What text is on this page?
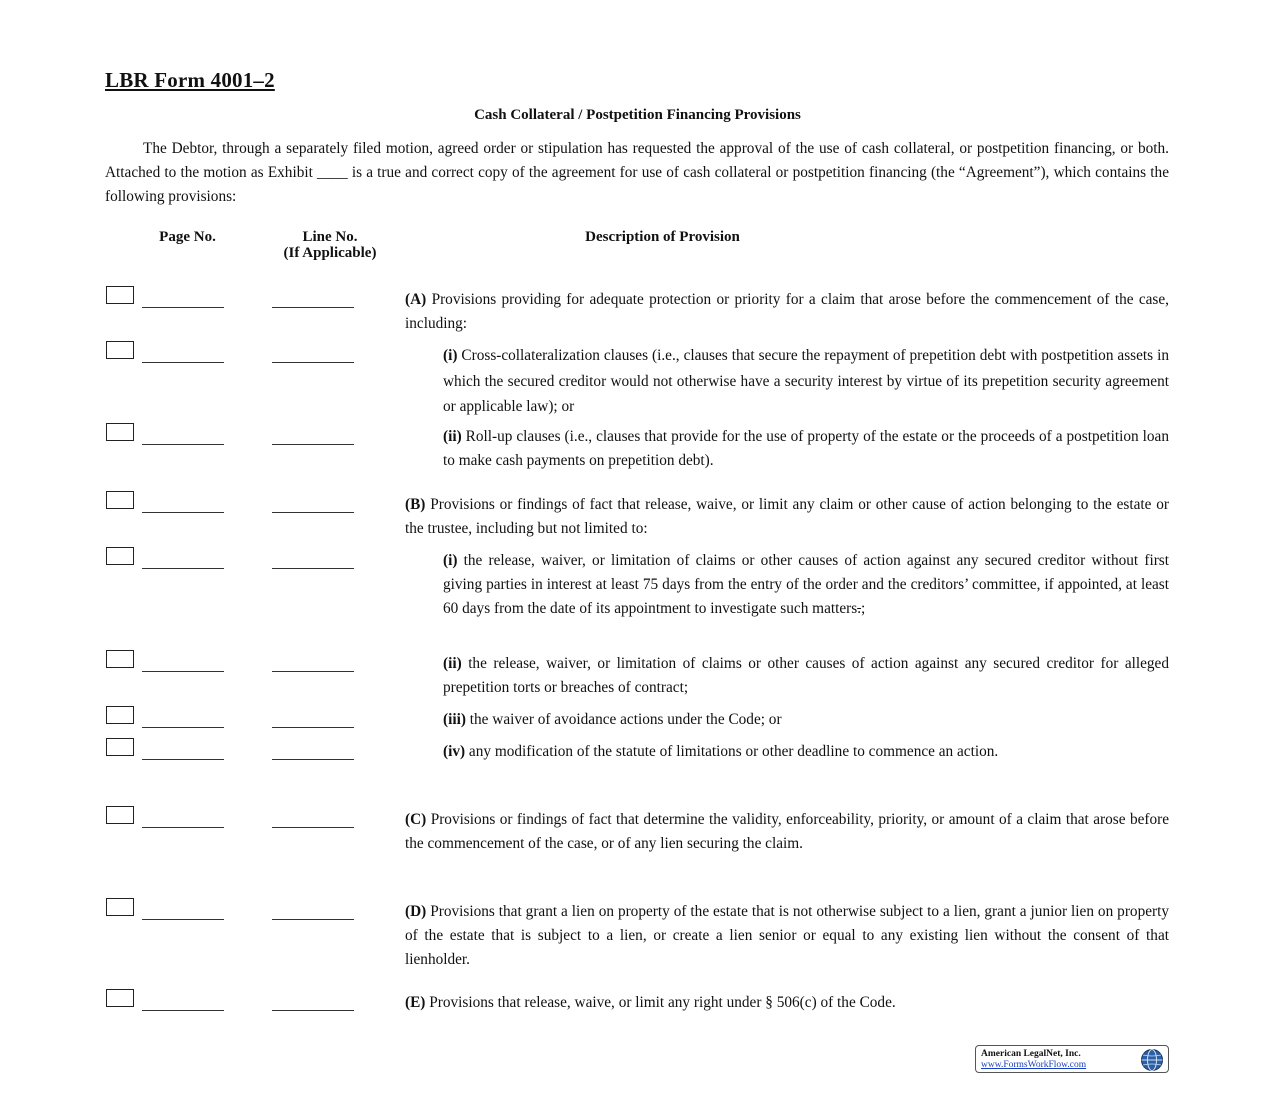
LBR Form 4001–2
Cash Collateral / Postpetition Financing Provisions
The Debtor, through a separately filed motion, agreed order or stipulation has requested the approval of the use of cash collateral, or postpetition financing, or both. Attached to the motion as Exhibit ____ is a true and correct copy of the agreement for use of cash collateral or postpetition financing (the “Agreement”), which contains the following provisions:
Page No.	Line No.
(If Applicable)
Description of Provision
(A) Provisions providing for adequate protection or priority for a claim that arose before the commencement of the case, including:
(i) Cross-collateralization clauses (i.e., clauses that secure the repayment of prepetition debt with postpetition assets in which the secured creditor would not otherwise have a security interest by virtue of its prepetition security agreement or applicable law); or
(ii) Roll-up clauses (i.e., clauses that provide for the use of property of the estate or the proceeds of a postpetition loan to make cash payments on prepetition debt).
(B) Provisions or findings of fact that release, waive, or limit any claim or other cause of action belonging to the estate or the trustee, including but not limited to:
(i) the release, waiver, or limitation of claims or other causes of action against any secured creditor without first giving parties in interest at least 75 days from the entry of the order and the creditors’ committee, if appointed, at least 60 days from the date of its appointment to investigate such matters.;
(ii) the release, waiver, or limitation of claims or other causes of action against any secured creditor for alleged prepetition torts or breaches of contract;
(iii) the waiver of avoidance actions under the Code; or
(iv) any modification of the statute of limitations or other deadline to commence an action.
(C) Provisions or findings of fact that determine the validity, enforceability, priority, or amount of a claim that arose before the commencement of the case, or of any lien securing the claim.
(D) Provisions that grant a lien on property of the estate that is not otherwise subject to a lien, grant a junior lien on property of the estate that is subject to a lien, or create a lien senior or equal to any existing lien without the consent of that lienholder.
(E) Provisions that release, waive, or limit any right under § 506(c) of the Code.
American LegalNet, Inc.
www.FormsWorkFlow.com
